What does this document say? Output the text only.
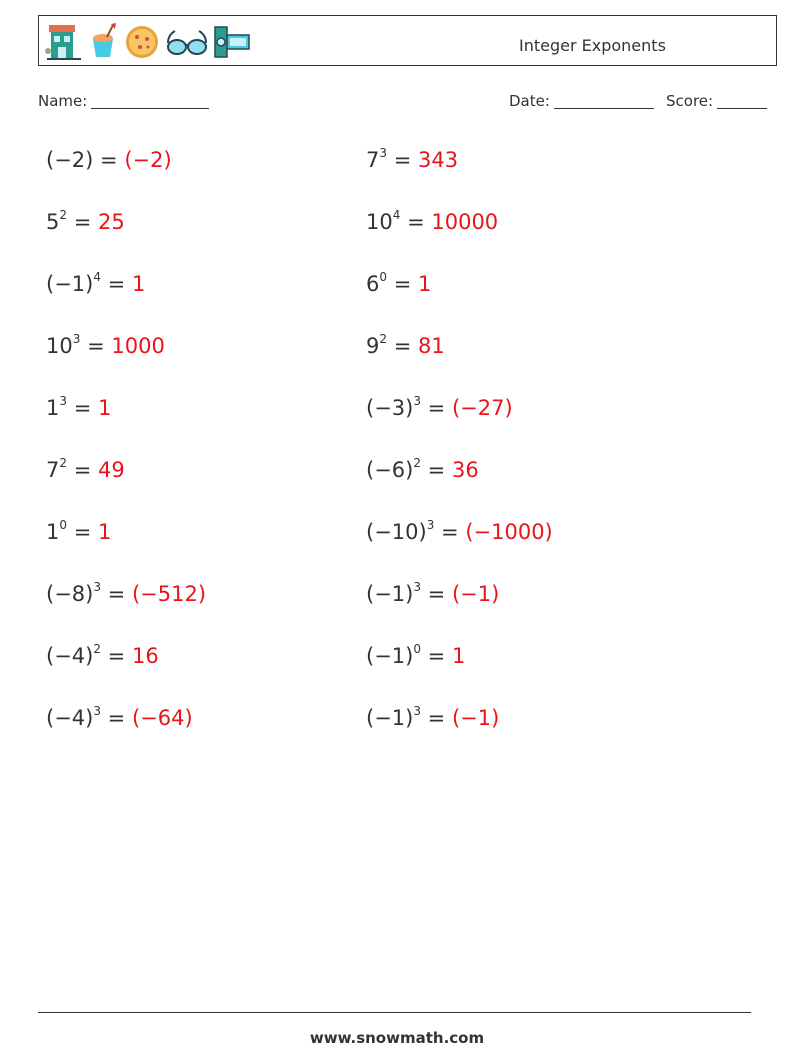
Integer Exponents
Name:	Date:	Score:
(−2) = (−2)
$5^2 = 25$
$(-1)^4 = 1$
$10^3 = 1000$
$1^3 = 1$
$7^2 = 49$
$1^0 = 1$
$(-8)^3 = (-512)$
$(-4)^2 = 16$
$(-4)^3 = (-64)$
$7^3 = 343$
$10^4 = 10000$
$6^0 = 1$
$9^2 = 81$
$(-3)^3 = (-27)$
$(-6)^2 = 36$
$(-10)^3 = (-1000)$
$(-1)^3 = (-1)$
$(-1)^0 = 1$
$(-1)^3 = (-1)$
www.snowmath.com
